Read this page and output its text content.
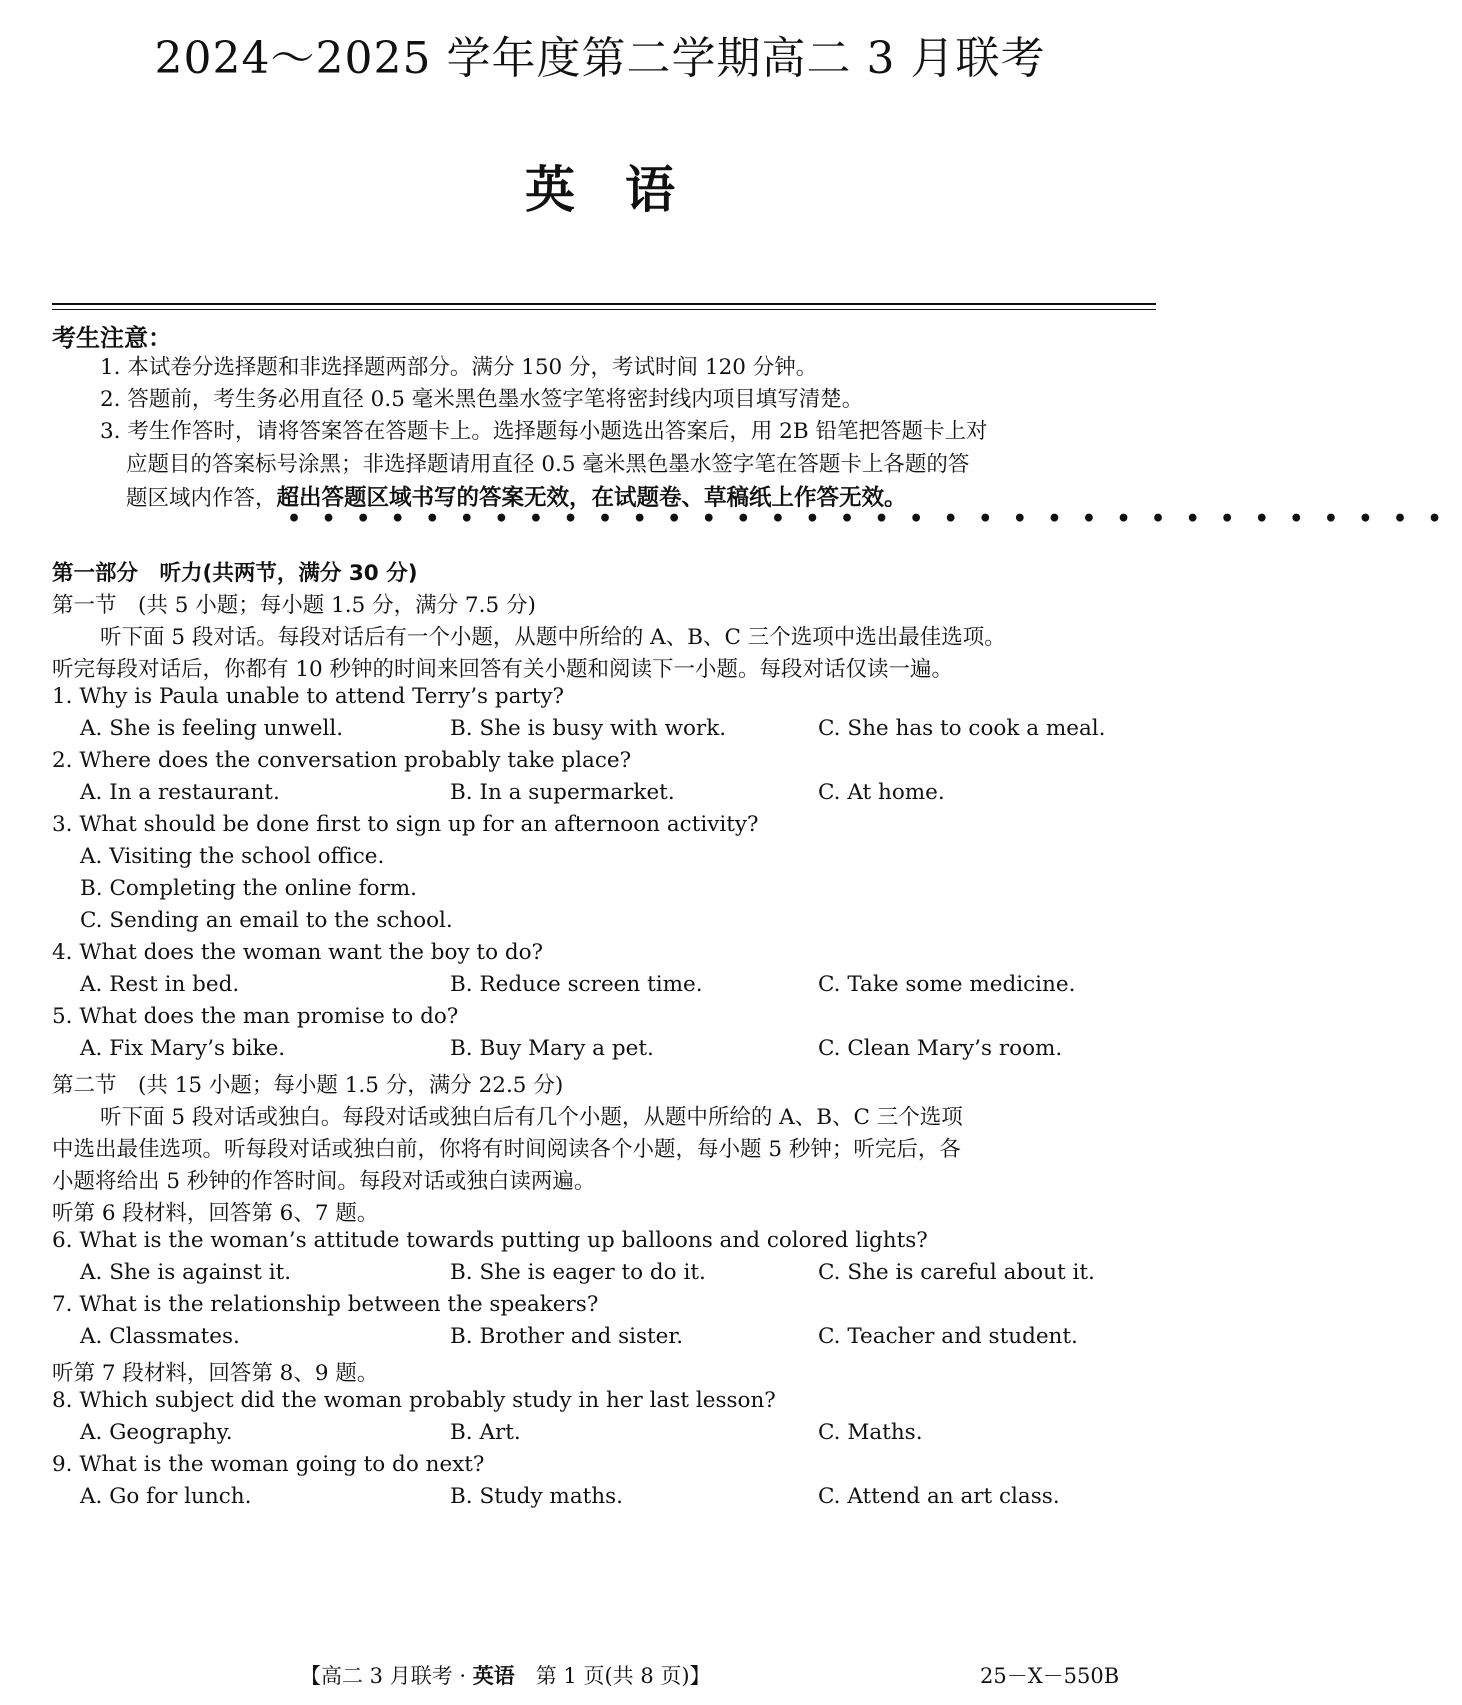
2024～2025 学年度第二学期高二 3 月联考
英语
考生注意：
1. 本试卷分选择题和非选择题两部分。满分 150 分，考试时间 120 分钟。
2. 答题前，考生务必用直径 0.5 毫米黑色墨水签字笔将密封线内项目填写清楚。
3. 考生作答时，请将答案答在答题卡上。选择题每小题选出答案后，用 2B 铅笔把答题卡上对
应题目的答案标号涂黑；非选择题请用直径 0.5 毫米黑色墨水签字笔在答题卡上各题的答
题区域内作答，超出答题区域书写的答案无效，在试题卷、草稿纸上作答无效。
••••••••••••••••••••••••••••••••••
第一部分　听力(共两节，满分 30 分)
第一节　(共 5 小题；每小题 1.5 分，满分 7.5 分)
听下面 5 段对话。每段对话后有一个小题，从题中所给的 A、B、C 三个选项中选出最佳选项。
听完每段对话后，你都有 10 秒钟的时间来回答有关小题和阅读下一小题。每段对话仅读一遍。
1. Why is Paula unable to attend Terry’s party?
A. She is feeling unwell.	B. She is busy with work.	C. She has to cook a meal.
2. Where does the conversation probably take place?
A. In a restaurant.	B. In a supermarket.	C. At home.
3. What should be done first to sign up for an afternoon activity?
A. Visiting the school office.
B. Completing the online form.
C. Sending an email to the school.
4. What does the woman want the boy to do?
A. Rest in bed.	B. Reduce screen time.	C. Take some medicine.
5. What does the man promise to do?
A. Fix Mary’s bike.	B. Buy Mary a pet.	C. Clean Mary’s room.
第二节　(共 15 小题；每小题 1.5 分，满分 22.5 分)
听下面 5 段对话或独白。每段对话或独白后有几个小题，从题中所给的 A、B、C 三个选项
中选出最佳选项。听每段对话或独白前，你将有时间阅读各个小题，每小题 5 秒钟；听完后，各
小题将给出 5 秒钟的作答时间。每段对话或独白读两遍。
听第 6 段材料，回答第 6、7 题。
6. What is the woman’s attitude towards putting up balloons and colored lights?
A. She is against it.	B. She is eager to do it.	C. She is careful about it.
7. What is the relationship between the speakers?
A. Classmates.	B. Brother and sister.	C. Teacher and student.
听第 7 段材料，回答第 8、9 题。
8. Which subject did the woman probably study in her last lesson?
A. Geography.	B. Art.	C. Maths.
9. What is the woman going to do next?
A. Go for lunch.	B. Study maths.	C. Attend an art class.
【高二 3 月联考 · 英语　第 1 页(共 8 页)】	25－X－550B
